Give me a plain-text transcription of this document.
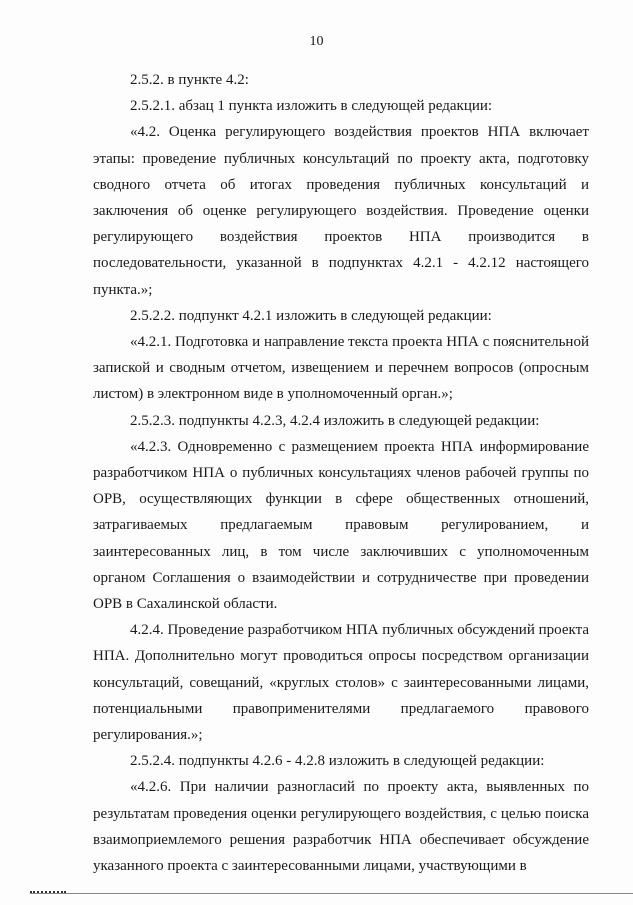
10

2.5.2. в пункте 4.2:

2.5.2.1. абзац 1 пункта изложить в следующей редакции:

«4.2. Оценка регулирующего воздействия проектов НПА включает этапы: проведение публичных консультаций по проекту акта, подготовку сводного отчета об итогах проведения публичных консультаций и заключения об оценке регулирующего воздействия. Проведение оценки регулирующего воздействия проектов НПА производится в последовательности, указанной в подпунктах 4.2.1 - 4.2.12 настоящего пункта.»;

2.5.2.2. подпункт 4.2.1 изложить в следующей редакции:

«4.2.1. Подготовка и направление текста проекта НПА с пояснительной запиской и сводным отчетом, извещением и перечнем вопросов (опросным листом) в электронном виде в уполномоченный орган.»;

2.5.2.3. подпункты 4.2.3, 4.2.4 изложить в следующей редакции:

«4.2.3. Одновременно с размещением проекта НПА информирование разработчиком НПА о публичных консультациях членов рабочей группы по ОРВ, осуществляющих функции в сфере общественных отношений, затрагиваемых предлагаемым правовым регулированием, и заинтересованных лиц, в том числе заключивших с уполномоченным органом Соглашения о взаимодействии и сотрудничестве при проведении ОРВ в Сахалинской области.

4.2.4. Проведение разработчиком НПА публичных обсуждений проекта НПА. Дополнительно могут проводиться опросы посредством организации консультаций, совещаний, «круглых столов» с заинтересованными лицами, потенциальными правоприменителями предлагаемого правового регулирования.»;

2.5.2.4. подпункты 4.2.6 - 4.2.8 изложить в следующей редакции:

«4.2.6. При наличии разногласий по проекту акта, выявленных по результатам проведения оценки регулирующего воздействия, с целью поиска взаимоприемлемого решения разработчик НПА обеспечивает обсуждение указанного проекта с заинтересованными лицами, участвующими в
